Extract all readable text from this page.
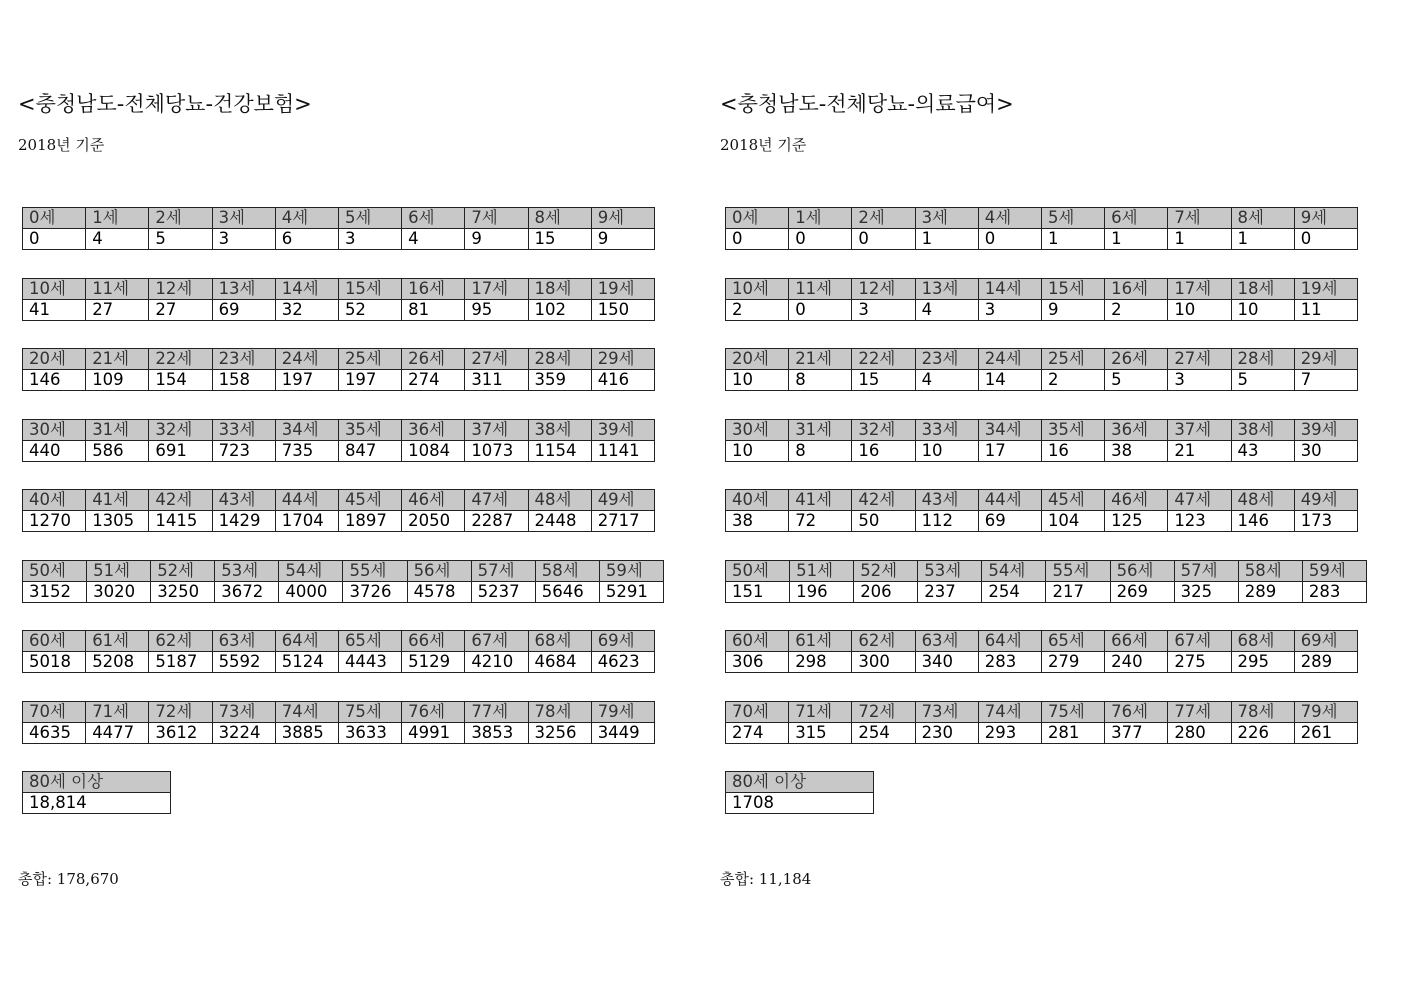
<충청남도-전체당뇨-건강보험>
2018년 기준
0세	1세	2세	3세	4세	5세	6세	7세	8세	9세
0	4	5	3	6	3	4	9	15	9
10세	11세	12세	13세	14세	15세	16세	17세	18세	19세
41	27	27	69	32	52	81	95	102	150
20세	21세	22세	23세	24세	25세	26세	27세	28세	29세
146	109	154	158	197	197	274	311	359	416
30세	31세	32세	33세	34세	35세	36세	37세	38세	39세
440	586	691	723	735	847	1084	1073	1154	1141
40세	41세	42세	43세	44세	45세	46세	47세	48세	49세
1270	1305	1415	1429	1704	1897	2050	2287	2448	2717
50세	51세	52세	53세	54세	55세	56세	57세	58세	59세
3152	3020	3250	3672	4000	3726	4578	5237	5646	5291
60세	61세	62세	63세	64세	65세	66세	67세	68세	69세
5018	5208	5187	5592	5124	4443	5129	4210	4684	4623
70세	71세	72세	73세	74세	75세	76세	77세	78세	79세
4635	4477	3612	3224	3885	3633	4991	3853	3256	3449
80세 이상
18,814
총합: 178,670
<충청남도-전체당뇨-의료급여>
2018년 기준
0세	1세	2세	3세	4세	5세	6세	7세	8세	9세
0	0	0	1	0	1	1	1	1	0
10세	11세	12세	13세	14세	15세	16세	17세	18세	19세
2	0	3	4	3	9	2	10	10	11
20세	21세	22세	23세	24세	25세	26세	27세	28세	29세
10	8	15	4	14	2	5	3	5	7
30세	31세	32세	33세	34세	35세	36세	37세	38세	39세
10	8	16	10	17	16	38	21	43	30
40세	41세	42세	43세	44세	45세	46세	47세	48세	49세
38	72	50	112	69	104	125	123	146	173
50세	51세	52세	53세	54세	55세	56세	57세	58세	59세
151	196	206	237	254	217	269	325	289	283
60세	61세	62세	63세	64세	65세	66세	67세	68세	69세
306	298	300	340	283	279	240	275	295	289
70세	71세	72세	73세	74세	75세	76세	77세	78세	79세
274	315	254	230	293	281	377	280	226	261
80세 이상
1708
총합: 11,184
